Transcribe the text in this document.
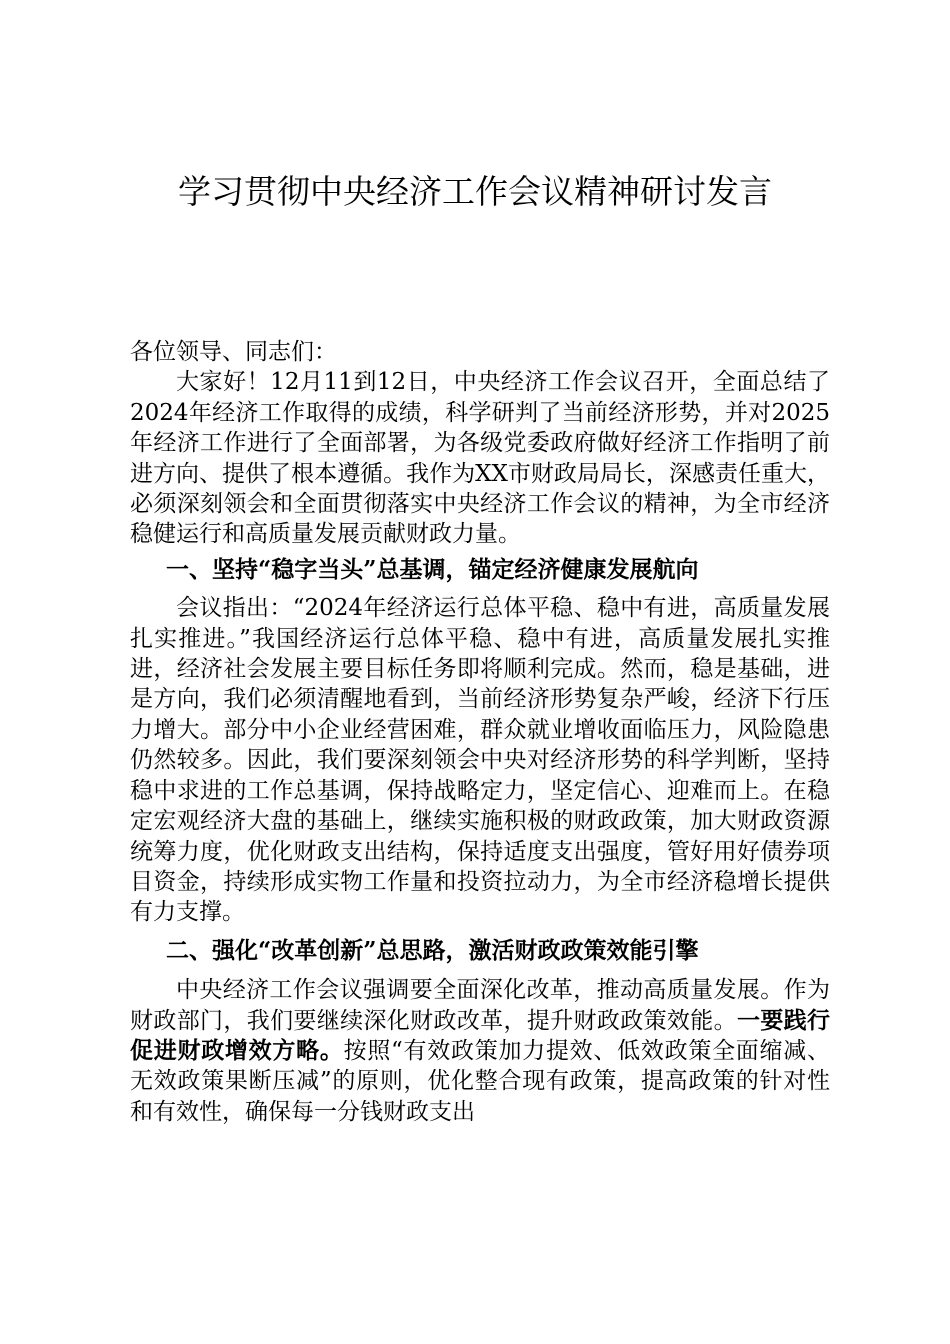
学习贯彻中央经济工作会议精神研讨发言

各位领导、同志们：

大家好！12月11到12日，中央经济工作会议召开，全面总结了2024年经济工作取得的成绩，科学研判了当前经济形势，并对2025年经济工作进行了全面部署，为各级党委政府做好经济工作指明了前进方向、提供了根本遵循。我作为XX市财政局局长，深感责任重大，必须深刻领会和全面贯彻落实中央经济工作会议的精神，为全市经济稳健运行和高质量发展贡献财政力量。

一、坚持“稳字当头”总基调，锚定经济健康发展航向

会议指出：“2024年经济运行总体平稳、稳中有进，高质量发展扎实推进。”我国经济运行总体平稳、稳中有进，高质量发展扎实推进，经济社会发展主要目标任务即将顺利完成。然而，稳是基础，进是方向，我们必须清醒地看到，当前经济形势复杂严峻，经济下行压力增大。部分中小企业经营困难，群众就业增收面临压力，风险隐患仍然较多。因此，我们要深刻领会中央对经济形势的科学判断，坚持稳中求进的工作总基调，保持战略定力，坚定信心、迎难而上。在稳定宏观经济大盘的基础上，继续实施积极的财政政策，加大财政资源统筹力度，优化财政支出结构，保持适度支出强度，管好用好债券项目资金，持续形成实物工作量和投资拉动力，为全市经济稳增长提供有力支撑。

二、强化“改革创新”总思路，激活财政政策效能引擎

中央经济工作会议强调要全面深化改革，推动高质量发展。作为财政部门，我们要继续深化财政改革，提升财政政策效能。一要践行促进财政增效方略。按照“有效政策加力提效、低效政策全面缩减、无效政策果断压减”的原则，优化整合现有政策，提高政策的针对性和有效性，确保每一分钱财政支出
